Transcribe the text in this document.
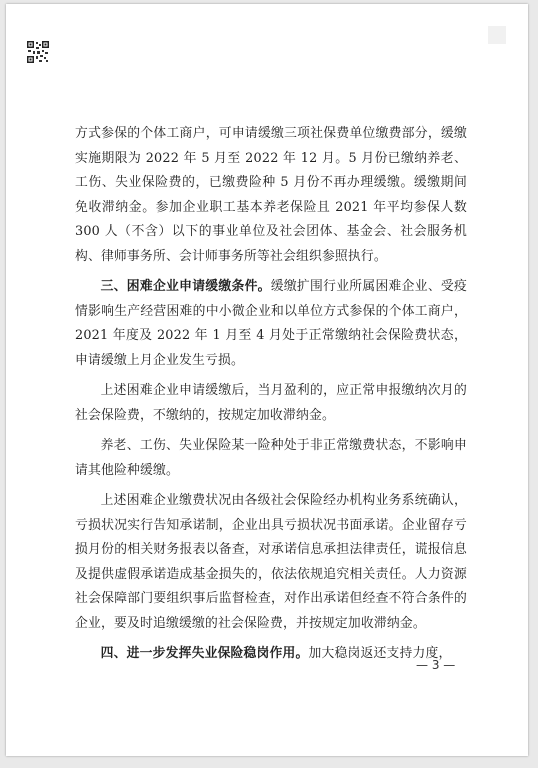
方式参保的个体工商户，可申请缓缴三项社保费单位缴费部分，缓缴实施期限为 2022 年 5 月至 2022 年 12 月。5 月份已缴纳养老、工伤、失业保险费的，已缴费险种 5 月份不再办理缓缴。缓缴期间免收滞纳金。参加企业职工基本养老保险且 2021 年平均参保人数 300 人（不含）以下的事业单位及社会团体、基金会、社会服务机构、律师事务所、会计师事务所等社会组织参照执行。

三、困难企业申请缓缴条件。缓缴扩围行业所属困难企业、受疫情影响生产经营困难的中小微企业和以单位方式参保的个体工商户，2021 年度及 2022 年 1 月至 4 月处于正常缴纳社会保险费状态，申请缓缴上月企业发生亏损。

上述困难企业申请缓缴后，当月盈利的，应正常申报缴纳次月的社会保险费，不缴纳的，按规定加收滞纳金。

养老、工伤、失业保险某一险种处于非正常缴费状态，不影响申请其他险种缓缴。

上述困难企业缴费状况由各级社会保险经办机构业务系统确认，亏损状况实行告知承诺制，企业出具亏损状况书面承诺。企业留存亏损月份的相关财务报表以备查，对承诺信息承担法律责任，谎报信息及提供虚假承诺造成基金损失的，依法依规追究相关责任。人力资源社会保障部门要组织事后监督检查，对作出承诺但经查不符合条件的企业，要及时追缴缓缴的社会保险费，并按规定加收滞纳金。

四、进一步发挥失业保险稳岗作用。加大稳岗返还支持力度，

— 3 —
